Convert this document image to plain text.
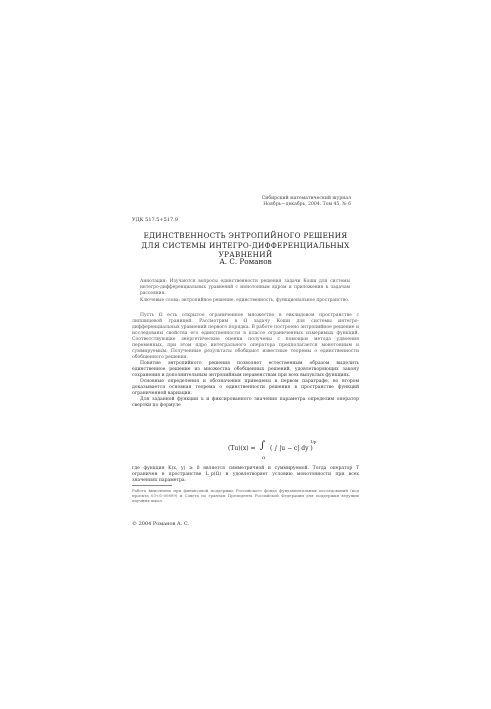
Сибирский математический журнал
Ноябрь—декабрь, 2004. Том 45, № 6
УДК 517.5+517.9
ЕДИНСТВЕННОСТЬ ЭНТРОПИЙНОГО РЕШЕНИЯ
ДЛЯ СИСТЕМЫ ИНТЕГРО-ДИФФЕРЕНЦИАЛЬНЫХ УРАВНЕНИЙ
А. С. Романов
Аннотация: Изучаются вопросы единственности решения задачи Коши для системы интегро-дифференциальных уравнений с монотонным ядром и приложения к задачам рассеяния.
Ключевые слова: энтропийное решение, единственность, функциональное пространство.

Пусть Ω есть открытое ограниченное множество в евклидовом пространстве с липшицевой границей. Рассмотрим в Ω задачу Коши для системы интегро-дифференциальных уравнений первого порядка. В работе построено энтропийное решение и исследованы свойства его единственности в классе ограниченных измеримых функций. Соответствующие энергетические оценки получены с помощью метода удвоения переменных, при этом ядро интегрального оператора предполагается монотонным и суммируемым. Полученные результаты обобщают известные теоремы о единственности обобщенного решения.

Понятие энтропийного решения позволяет естественным образом выделить единственное решение из множества обобщенных решений, удовлетворяющих закону сохранения и дополнительным энтропийным неравенствам при всех выпуклых функциях.

Основные определения и обозначения приведены в первом параграфе, во втором доказывается основная теорема о единственности решения в пространстве функций ограниченной вариации.

Для заданной функции u и фиксированного значения параметра определим оператор свертки по формуле

(Tu)(x) = ∫ ( ∫ |u − c| dy )
1/p
Ω

где функция K(x, y) ≥ 0 является симметричной и суммируемой. Тогда оператор T ограничен в пространстве L_p(Ω) и удовлетворяет условию монотонности при всех значениях параметра.

Работа выполнена при финансовой поддержке Российского фонда фундаментальных исследований (код проекта 03-01-00899) и Совета по грантам Президента Российской Федерации для поддержки ведущих научных школ.
© 2004 Романов А. С.
